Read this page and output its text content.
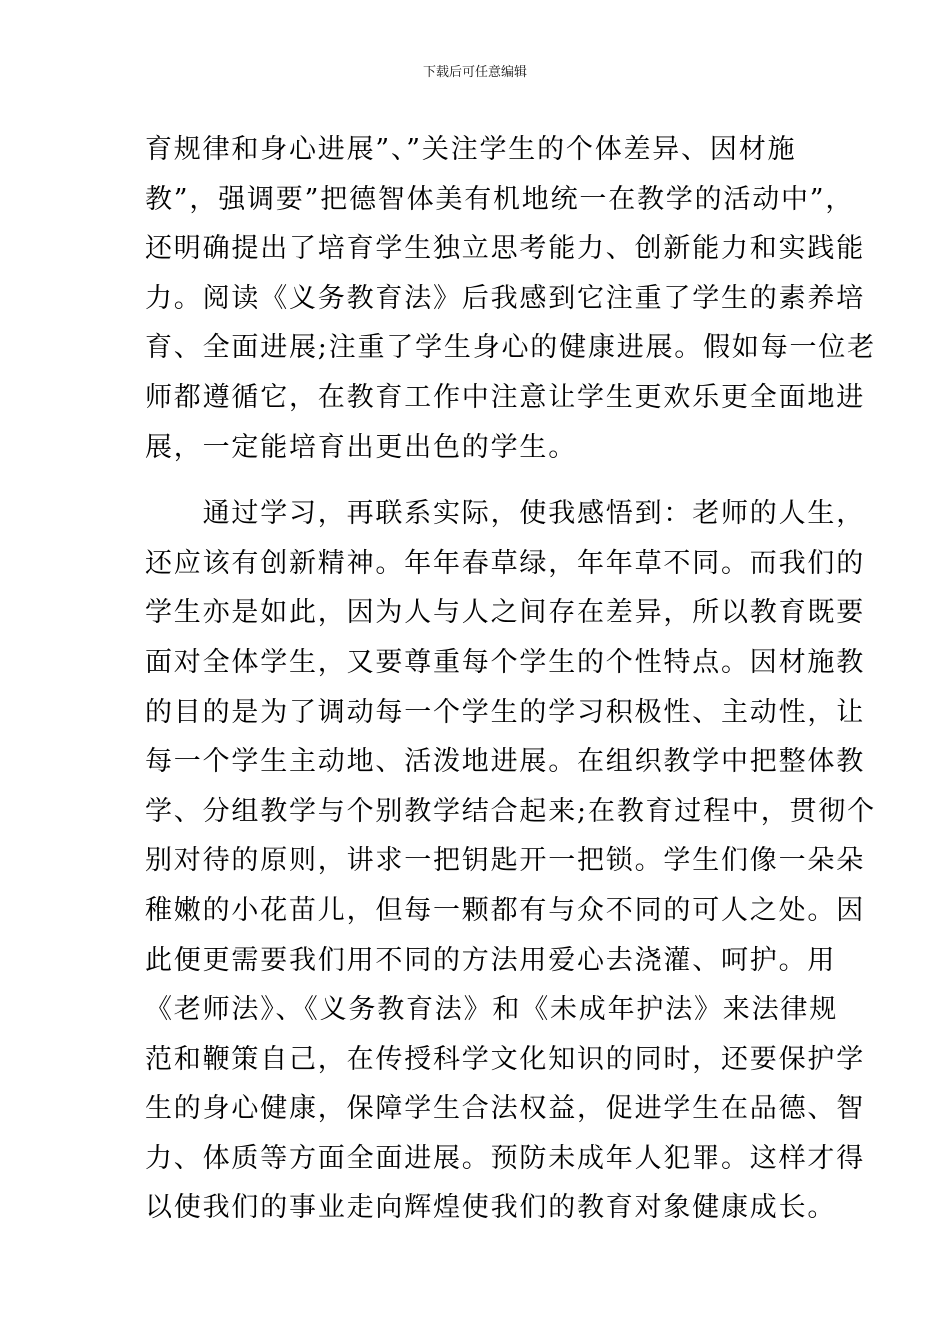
下载后可任意编辑
育规律和身心进展”、”关注学生的个体差异、因材施
教”，强调要”把德智体美有机地统一在教学的活动中”，
还明确提出了培育学生独立思考能力、创新能力和实践能
力。阅读《义务教育法》后我感到它注重了学生的素养培
育、全面进展;注重了学生身心的健康进展。假如每一位老
师都遵循它，在教育工作中注意让学生更欢乐更全面地进
展，一定能培育出更出色的学生。
　　通过学习，再联系实际，使我感悟到：老师的人生，
还应该有创新精神。年年春草绿，年年草不同。而我们的
学生亦是如此，因为人与人之间存在差异，所以教育既要
面对全体学生，又要尊重每个学生的个性特点。因材施教
的目的是为了调动每一个学生的学习积极性、主动性，让
每一个学生主动地、活泼地进展。在组织教学中把整体教
学、分组教学与个别教学结合起来;在教育过程中，贯彻个
别对待的原则，讲求一把钥匙开一把锁。学生们像一朵朵
稚嫩的小花苗儿，但每一颗都有与众不同的可人之处。因
此便更需要我们用不同的方法用爱心去浇灌、呵护。用
《老师法》、《义务教育法》和《未成年护法》来法律规
范和鞭策自己，在传授科学文化知识的同时，还要保护学
生的身心健康，保障学生合法权益，促进学生在品德、智
力、体质等方面全面进展。预防未成年人犯罪。这样才得
以使我们的事业走向辉煌使我们的教育对象健康成长。
